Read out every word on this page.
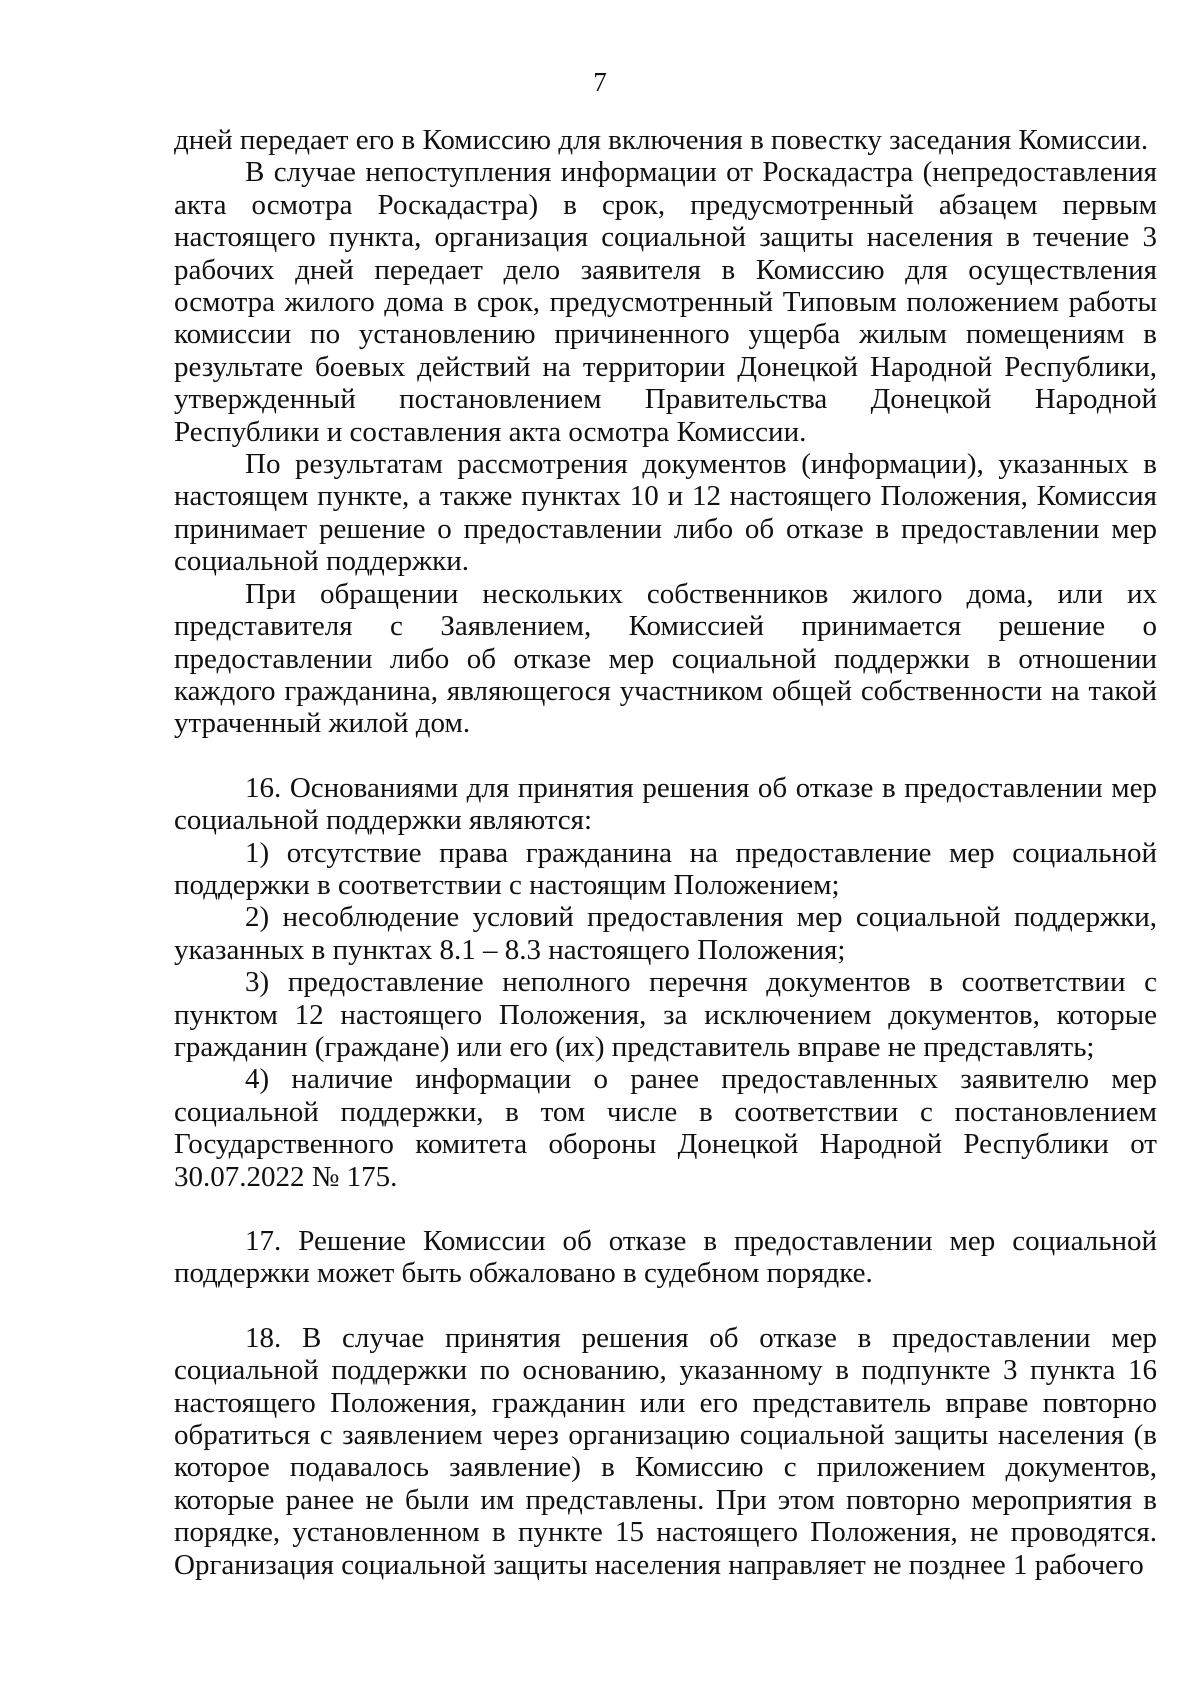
7

дней передает его в Комиссию для включения в повестку заседания Комиссии.

В случае непоступления информации от Роскадастра (непредоставления акта осмотра Роскадастра) в срок, предусмотренный абзацем первым настоящего пункта, организация социальной защиты населения в течение 3 рабочих дней передает дело заявителя в Комиссию для осуществления осмотра жилого дома в срок, предусмотренный Типовым положением работы комиссии по установлению причиненного ущерба жилым помещениям в результате боевых действий на территории Донецкой Народной Республики, утвержденный постановлением Правительства Донецкой Народной Республики и составления акта осмотра Комиссии.

По результатам рассмотрения документов (информации), указанных в настоящем пункте, а также пунктах 10 и 12 настоящего Положения, Комиссия принимает решение о предоставлении либо об отказе в предоставлении мер социальной поддержки.

При обращении нескольких собственников жилого дома, или их представителя с Заявлением, Комиссией принимается решение о предоставлении либо об отказе мер социальной поддержки в отношении каждого гражданина, являющегося участником общей собственности на такой утраченный жилой дом.

16. Основаниями для принятия решения об отказе в предоставлении мер социальной поддержки являются:

1) отсутствие права гражданина на предоставление мер социальной поддержки в соответствии с настоящим Положением;

2) несоблюдение условий предоставления мер социальной поддержки, указанных в пунктах 8.1 – 8.3 настоящего Положения;

3) предоставление неполного перечня документов в соответствии с пунктом 12 настоящего Положения, за исключением документов, которые гражданин (граждане) или его (их) представитель вправе не представлять;

4) наличие информации о ранее предоставленных заявителю мер социальной поддержки, в том числе в соответствии с постановлением Государственного комитета обороны Донецкой Народной Республики от 30.07.2022 № 175.

17. Решение Комиссии об отказе в предоставлении мер социальной поддержки может быть обжаловано в судебном порядке.

18. В случае принятия решения об отказе в предоставлении мер социальной поддержки по основанию, указанному в подпункте 3 пункта 16 настоящего Положения, гражданин или его представитель вправе повторно обратиться с заявлением через организацию социальной защиты населения (в которое подавалось заявление) в Комиссию с приложением документов, которые ранее не были им представлены. При этом повторно мероприятия в порядке, установленном в пункте 15 настоящего Положения, не проводятся. Организация социальной защиты населения направляет не позднее 1 рабочего
